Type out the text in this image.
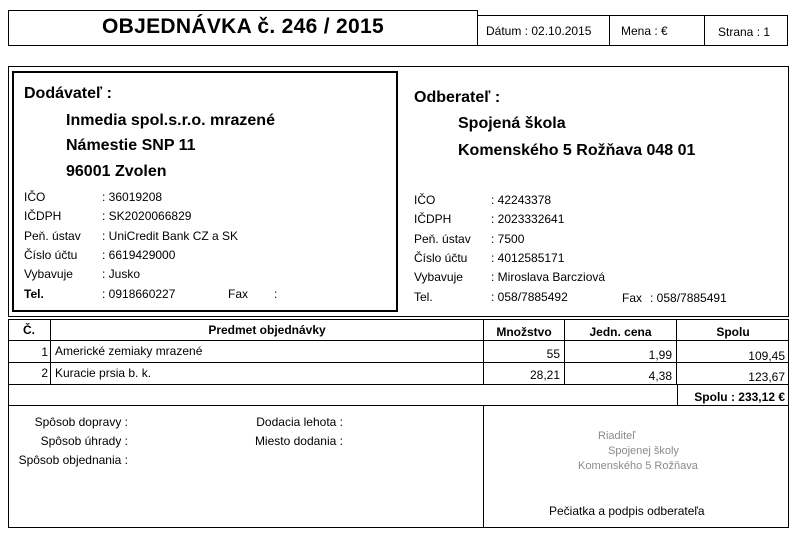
OBJEDNÁVKA č. 246 / 2015	Dátum : 02.10.2015 Mena : €	Strana : 1
Dodávateľ :
Inmedia spol.s.r.o. mrazené
Námestie SNP 11
96001 Zvolen
IČO	: 36019208
IČDPH	: SK2020066829
Peň. ústav : UniCredit Bank CZ a SK
Číslo účtu : 6619429000
Vybavuje : Jusko
Tel.	: 0918660227	Fax :
Odberateľ :
Spojená škola
Komenského 5 Rožňava 048 01
IČO	: 42243378
IČDPH	: 2023332641
Peň. ústav : 7500
Číslo účtu : 4012585171
Vybavuje : Miroslava Barcziová
Tel.	: 058/7885492	Fax : 058/7885491
Č.	Predmet objednávky	Množstvo	Jedn. cena	Spolu
1 Americké zemiaky mrazené	55	1,99	109,45
2 Kuracie prsia b. k.	28,21	4,38	123,67
Spolu : 233,12 €
Spôsob dopravy :
Spôsob úhrady :
Spôsob objednania :
Dodacia lehota :
Miesto dodania :	Riaditeľ
Spojenej školy
Komenského 5 Rožňava
Pečiatka a podpis odberateľa
